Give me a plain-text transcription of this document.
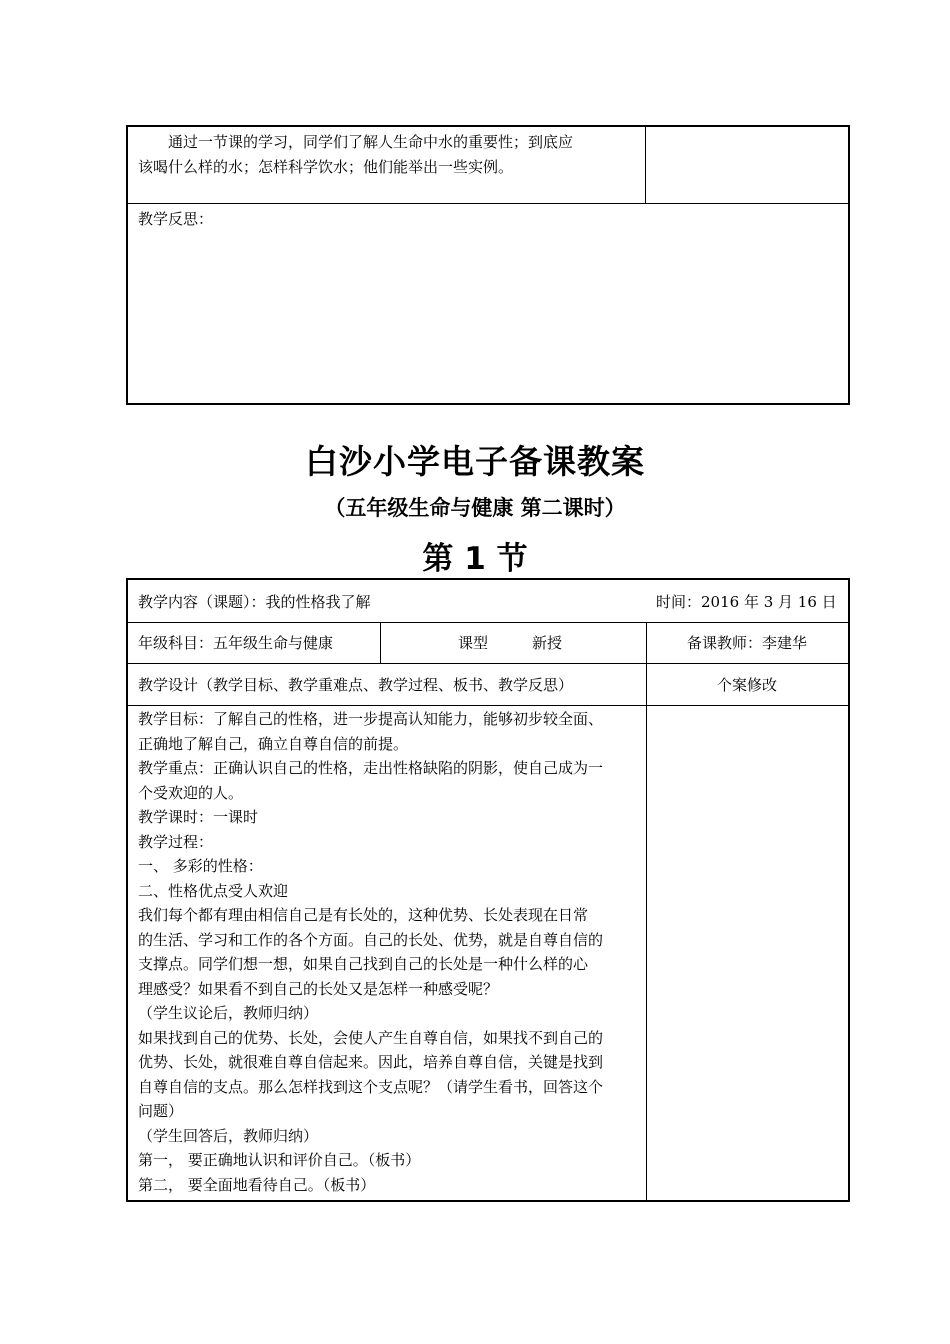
通过一节课的学习，同学们了解人生命中水的重要性；到底应
该喝什么样的水；怎样科学饮水；他们能举出一些实例。
教学反思：
白沙小学电子备课教案
（五年级生命与健康 第二课时）
第 1 节
教学内容（课题）：我的性格我了解	时间：2016 年 3 月 16 日
年级科目：五年级生命与健康	课型	新授	备课教师：李建华
教学设计（教学目标、教学重难点、教学过程、板书、教学反思）	个案修改
教学目标：了解自己的性格，进一步提高认知能力，能够初步较全面、
正确地了解自己，确立自尊自信的前提。
教学重点：正确认识自己的性格，走出性格缺陷的阴影，使自己成为一
个受欢迎的人。
教学课时：一课时
教学过程：
一、 多彩的性格：
二、性格优点受人欢迎
我们每个都有理由相信自己是有长处的，这种优势、长处表现在日常
的生活、学习和工作的各个方面。自己的长处、优势，就是自尊自信的
支撑点。同学们想一想，如果自己找到自己的长处是一种什么样的心
理感受？如果看不到自己的长处又是怎样一种感受呢？
（学生议论后，教师归纳）
如果找到自己的优势、长处，会使人产生自尊自信，如果找不到自己的
优势、长处，就很难自尊自信起来。因此，培养自尊自信，关键是找到
自尊自信的支点。那么怎样找到这个支点呢？（请学生看书，回答这个
问题）
（学生回答后，教师归纳）
第一， 要正确地认识和评价自己。（板书）
第二， 要全面地看待自己。（板书）
